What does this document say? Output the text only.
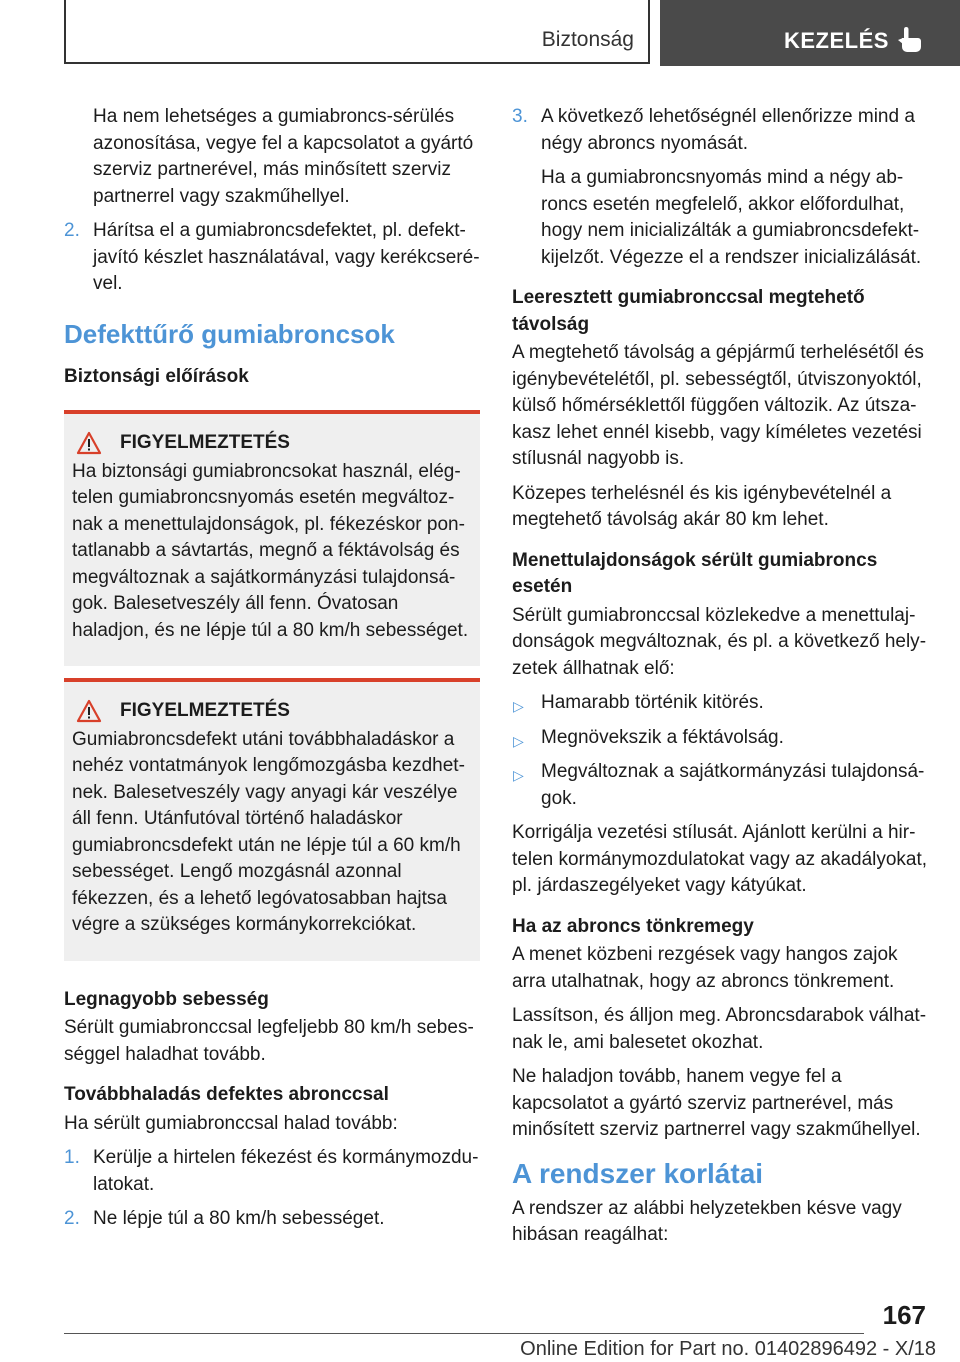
Biztonság	KEZELÉS

Ha nem lehetséges a gumiabroncs-sérülés azonosítása, vegye fel a kapcsolatot a gyártó szerviz partnerével, más minősített szerviz partnerrel vagy szakműhellyel.

2. Hárítsa el a gumiabroncsdefektet, pl. defektjavító készlet használatával, vagy kerékcserével.
Defekttűrő gumiabroncsok
Biztonsági előírások
FIGYELMEZTETÉS

Ha biztonsági gumiabroncsokat használ, elégtelen gumiabroncsnyomás esetén megváltoznak a menettulajdonságok, pl. fékezéskor pontatlanabb a sávtartás, megnő a féktávolság és megváltoznak a sajátkormányzási tulajdonságok. Balesetveszély áll fenn. Óvatosan haladjon, és ne lépje túl a 80 km/h sebességet.

FIGYELMEZTETÉS

Gumiabroncsdefekt utáni továbbhaladáskor a nehéz vontatmányok lengőmozgásba kezdhetnek. Balesetveszély vagy anyagi kár veszélye áll fenn. Utánfutóval történő haladáskor gumiabroncsdefekt után ne lépje túl a 60 km/h sebességet. Lengő mozgásnál azonnal fékezzen, és a lehető legóvatosabban hajtsa végre a szükséges kormánykorrekciókat.

Legnagyobb sebesség

Sérült gumiabronccsal legfeljebb 80 km/h sebességgel haladhat tovább.

Továbbhaladás defektes abronccsal

Ha sérült gumiabronccsal halad tovább:

1. Kerülje a hirtelen fékezést és kormánymozdulatokat.
2. Ne lépje túl a 80 km/h sebességet.
3. A következő lehetőségnél ellenőrizze mind a négy abroncs nyomását.

Ha a gumiabroncsnyomás mind a négy abroncs esetén megfelelő, akkor előfordulhat, hogy nem inicializálták a gumiabroncsdefektkijelzőt. Végezze el a rendszer inicializálását.

Leeresztett gumiabronccsal megtehető távolság

A megtehető távolság a gépjármű terhelésétől és igénybevételétől, pl. sebességtől, útviszonyoktól, külső hőmérséklettől függően változik. Az útszakasz lehet ennél kisebb, vagy kíméletes vezetési stílusnál nagyobb is.

Közepes terhelésnél és kis igénybevételnél a megtehető távolság akár 80 km lehet.

Menettulajdonságok sérült gumiabroncs esetén

Sérült gumiabronccsal közlekedve a menettulajdonságok megváltoznak, és pl. a következő helyzetek állhatnak elő:

▷ Hamarabb történik kitörés.
▷ Megnövekszik a féktávolság.
▷ Megváltoznak a sajátkormányzási tulajdonságok.

Korrigálja vezetési stílusát. Ajánlott kerülni a hirtelen kormánymozdulatokat vagy az akadályokat, pl. járdaszegélyeket vagy kátyúkat.

Ha az abroncs tönkremegy

A menet közbeni rezgések vagy hangos zajok arra utalhatnak, hogy az abroncs tönkrement.

Lassítson, és álljon meg. Abroncsdarabok válhatnak le, ami balesetet okozhat.

Ne haladjon tovább, hanem vegye fel a kapcsolatot a gyártó szerviz partnerével, más minősített szerviz partnerrel vagy szakműhellyel.

A rendszer korlátai

A rendszer az alábbi helyzetekben késve vagy hibásan reagálhat:

167
Online Edition for Part no. 01402896492 - X/18
